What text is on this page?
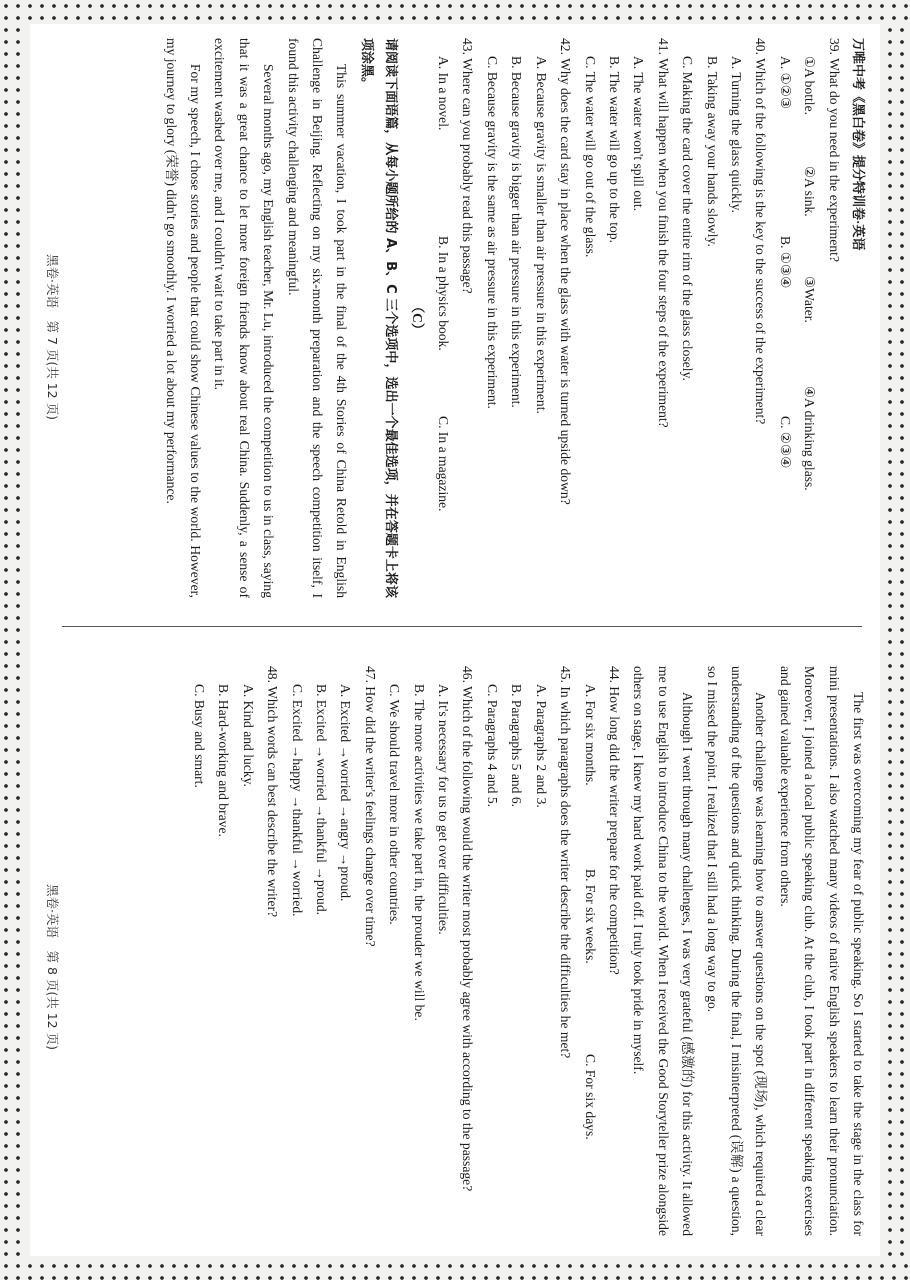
万唯中考《黑白卷》提分特训卷·英语
39. What do you need in the experiment?
①A bottle.
②A sink.
③Water.
④A drinking glass.
A. ①②③
B. ①③④
C. ②③④
40. Which of the following is the key to the success of the experiment?
A. Turning the glass quickly.
B. Taking away your hands slowly.
C. Making the card cover the entire rim of the glass closely.
41. What will happen when you finish the four steps of the experiment?
A. The water won't spill out.
B. The water will go up to the top.
C. The water will go out of the glass.
42. Why does the card stay in place when the glass with water is turned upside down?
A. Because gravity is smaller than air pressure in this experiment.
B. Because gravity is bigger than air pressure in this experiment.
C. Because gravity is the same as air pressure in this experiment.
43. Where can you probably read this passage?
A. In a novel.
B. In a physics book.
C. In a magazine.
（C）
请阅读下面语篇，从每小题所给的 A、B、C 三个选项中，选出一个最佳选项，并在答题卡上将该项涂黑。
This summer vacation, I took part in the final of the 4th Stories of China Retold in English Challenge in Beijing. Reflecting on my six-month preparation and the speech competition itself, I found this activity challenging and meaningful.
Several months ago, my English teacher, Mr. Lu, introduced the competition to us in class, saying that it was a great chance to let more foreign friends know about real China. Suddenly, a sense of excitement washed over me, and I couldn't wait to take part in it.
For my speech, I chose stories and people that could show Chinese values to the world. However, my journey to glory (荣誉) didn't go smoothly. I worried a lot about my performance.
The first was overcoming my fear of public speaking. So I started to take the stage in the class for mini presentations. I also watched many videos of native English speakers to learn their pronunciation. Moreover, I joined a local public speaking club. At the club, I took part in different speaking exercises and gained valuable experience from others.
Another challenge was learning how to answer questions on the spot (现场), which required a clear understanding of the questions and quick thinking. During the final, I misinterpreted (误解) a question, so I missed the point. I realized that I still had a long way to go.
Although I went through many challenges, I was very grateful (感激的) for this activity. It allowed me to use English to introduce China to the world. When I received the Good Storyteller prize alongside others on stage, I knew my hard work paid off. I truly took pride in myself.
44. How long did the writer prepare for the competition?
A. For six months.
B. For six weeks.
C. For six days.
45. In which paragraphs does the writer describe the difficulties he met?
A. Paragraphs 2 and 3.
B. Paragraphs 5 and 6.
C. Paragraphs 4 and 5.
46. Which of the following would the writer most probably agree with according to the passage?
A. It's necessary for us to get over difficulties.
B. The more activities we take part in, the prouder we will be.
C. We should travel more in other countries.
47. How did the writer's feelings change over time?
A. Excited →worried →angry →proud.
B. Excited →worried →thankful →proud.
C. Excited →happy →thankful →worried.
48. Which words can best describe the writer?
A. Kind and lucky.
B. Hard-working and brave.
C. Busy and smart.
黑卷·英语　第 7 页(共 12 页)
黑卷·英语　第 8 页(共 12 页)
